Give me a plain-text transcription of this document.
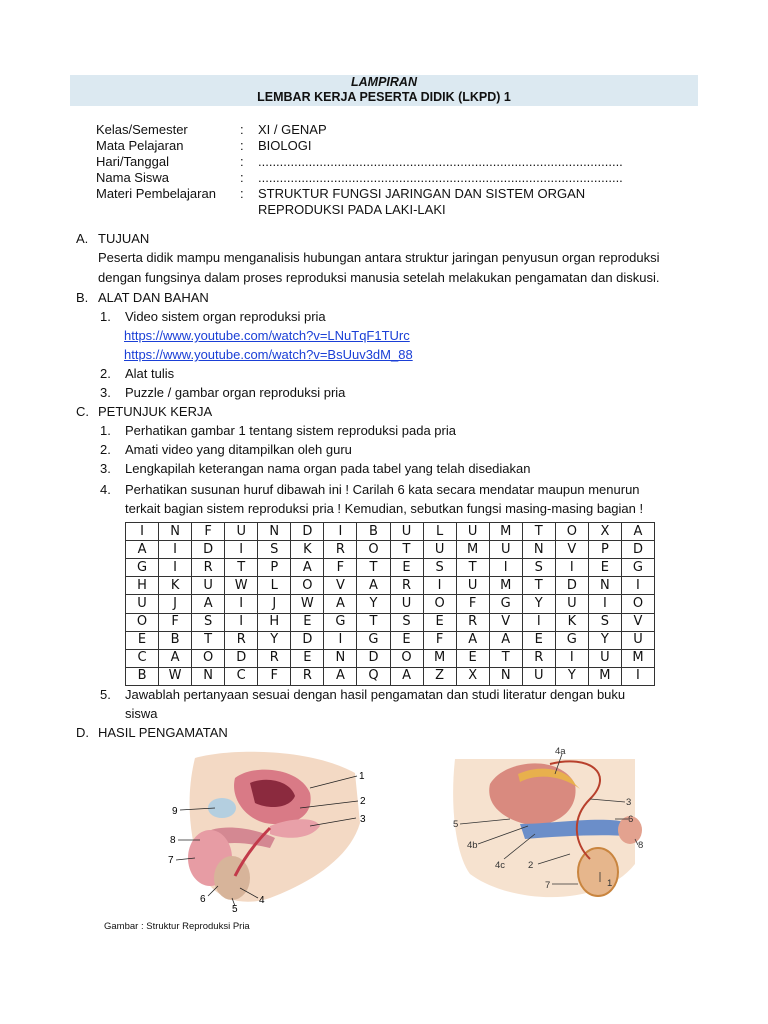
LAMPIRAN
LEMBAR KERJA PESERTA DIDIK (LKPD) 1
Kelas/Semester	:	XI / GENAP
Mata Pelajaran	:	BIOLOGI
Hari/Tanggal	:	.....................................................................................................
Nama Siswa	:	.....................................................................................................
Materi Pembelajaran	:	STRUKTUR FUNGSI JARINGAN DAN SISTEM ORGAN
REPRODUKSI PADA LAKI-LAKI
A. TUJUAN
Peserta didik mampu menganalisis hubungan antara struktur jaringan penyusun organ reproduksi
dengan fungsinya dalam proses reproduksi manusia setelah melakukan pengamatan dan diskusi.
B. ALAT DAN BAHAN
1. Video sistem organ reproduksi pria
https://www.youtube.com/watch?v=LNuTqF1TUrc
https://www.youtube.com/watch?v=BsUuv3dM_88
2. Alat tulis
3. Puzzle / gambar organ reproduksi pria
C. PETUNJUK KERJA
1. Perhatikan gambar 1 tentang sistem reproduksi pada pria
2. Amati video yang ditampilkan oleh guru
3. Lengkapilah keterangan nama organ pada tabel yang telah disediakan
4. Perhatikan susunan huruf dibawah ini ! Carilah 6 kata secara mendatar maupun menurun
terkait bagian sistem reproduksi pria ! Kemudian, sebutkan fungsi masing-masing bagian !
I	N	F	U	N	D	I	B	U	L	U	M	T	O	X	A
A	I	D	I	S	K	R	O	T	U	M	U	N	V	P	D
G	I	R	T	P	A	F	T	E	S	T	I	S	I	E	G
H	K	U	W	L	O	V	A	R	I	U	M	T	D	N	I
U	J	A	I	J	W	A	Y	U	O	F	G	Y	U	I	O
O	F	S	I	H	E	G	T	S	E	R	V	I	K	S	V
E	B	T	R	Y	D	I	G	E	F	A	A	E	G	Y	U
C	A	O	D	R	E	N	D	O	M	E	T	R	I	U	M
B	W	N	C	F	R	A	Q	A	Z	X	N	U	Y	M	I
5. Jawablah pertanyaan sesuai dengan hasil pengamatan dan studi literatur dengan buku
siswa
D. HASIL PENGAMATAN
1
2
3
4
5
6
7
8
9
4a
3
6
8
1
2
7
4c
4b
5
Gambar : Struktur Reproduksi Pria
